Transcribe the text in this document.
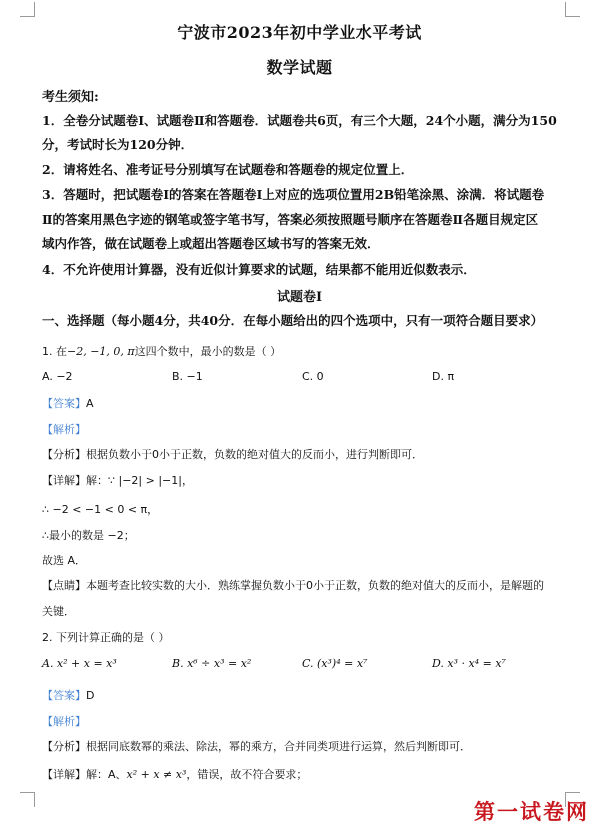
宁波市2023年初中学业水平考试
数学试题
考生须知:
1．全卷分试题卷Ⅰ、试题卷Ⅱ和答题卷．试题卷共6页，有三个大题，24个小题，满分为150
分，考试时长为120分钟．
2．请将姓名、准考证号分别填写在试题卷和答题卷的规定位置上．
3．答题时，把试题卷Ⅰ的答案在答题卷Ⅰ上对应的选项位置用2B铅笔涂黑、涂满．将试题卷
Ⅱ的答案用黑色字迹的钢笔或签字笔书写，答案必须按照题号顺序在答题卷Ⅱ各题目规定区
域内作答，做在试题卷上或超出答题卷区域书写的答案无效．
4．不允许使用计算器，没有近似计算要求的试题，结果都不能用近似数表示．
试题卷Ⅰ
一、选择题（每小题4分，共40分．在每小题给出的四个选项中，只有一项符合题目要求）
1. 在−2, −1, 0, π这四个数中，最小的数是（ ）
A. −2	B. −1	C. 0	D. π
【答案】A
【解析】
【分析】根据负数小于0小于正数，负数的绝对值大的反而小，进行判断即可．
【详解】解：∵ |−2| > |−1|，
∴ −2 < −1 < 0 < π，
∴最小的数是 −2；
故选 A．
【点睛】本题考查比较实数的大小．熟练掌握负数小于0小于正数，负数的绝对值大的反而小，是解题的
关键．
2. 下列计算正确的是（ ）
A. x² + x = x³	B. x⁶ ÷ x³ = x²	C. (x³)⁴ = x⁷	D. x³ · x⁴ = x⁷
【答案】D
【解析】
【分析】根据同底数幂的乘法、除法，幂的乘方，合并同类项进行运算，然后判断即可．
【详解】解：A、x² + x ≠ x³，错误，故不符合要求；
第一试卷网
